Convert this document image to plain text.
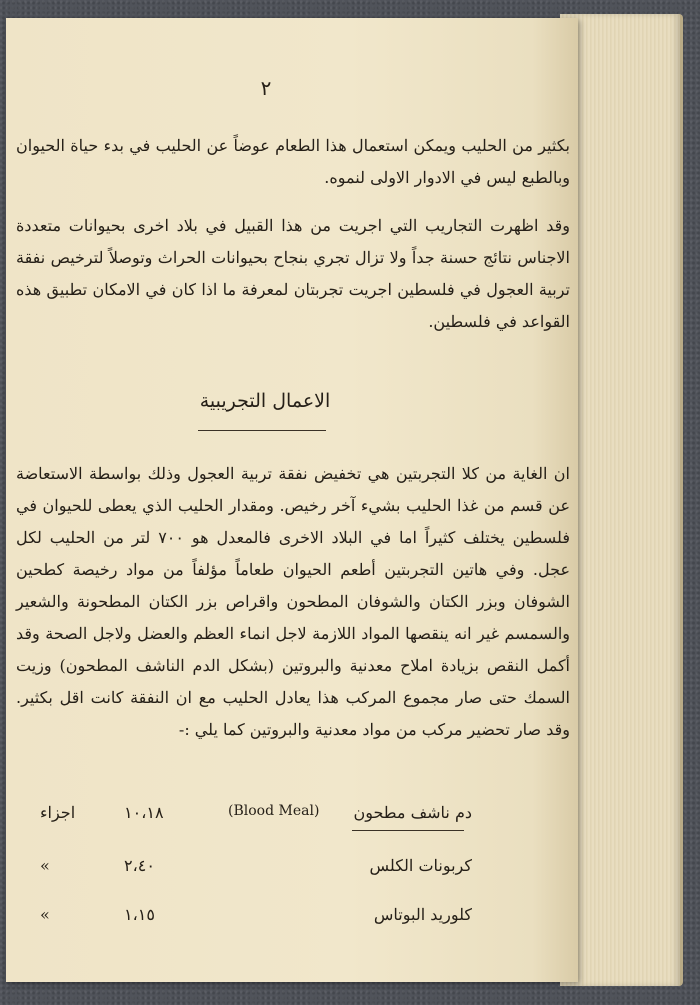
٢
بكثير من الحليب ويمكن استعمال هذا الطعام عوضاً عن الحليب في بدء حياة الحيوان وبالطبع ليس في الادوار الاولى لنموه.
وقد اظهرت التجاريب التي اجريت من هذا القبيل في بلاد اخرى بحيوانات متعددة الاجناس نتائج حسنة جداً ولا تزال تجري بنجاح بحيوانات الحراث وتوصلاً لترخيص نفقة تربية العجول في فلسطين اجريت تجربتان لمعرفة ما اذا كان في الامكان تطبيق هذه القواعد في فلسطين.
الاعمال التجريبية
ان الغاية من كلا التجربتين هي تخفيض نفقة تربية العجول وذلك بواسطة الاستعاضة عن قسم من غذا الحليب بشيء آخر رخيص. ومقدار الحليب الذي يعطى للحيوان في فلسطين يختلف كثيراً اما في البلاد الاخرى فالمعدل هو ٧٠٠ لتر من الحليب لكل عجل. وفي هاتين التجربتين أطعم الحيوان طعاماً مؤلفاً من مواد رخيصة كطحين الشوفان وبزر الكتان والشوفان المطحون واقراص بزر الكتان المطحونة والشعير والسمسم غير انه ينقصها المواد اللازمة لاجل انماء العظم والعضل ولاجل الصحة وقد أكمل النقص بزيادة املاح معدنية والبروتين (بشكل الدم الناشف المطحون) وزيت السمك حتى صار مجموع المركب هذا يعادل الحليب مع ان النفقة كانت اقل بكثير. وقد صار تحضير مركب من مواد معدنية والبروتين كما يلي :-
دم ناشف مطحون
(Blood Meal)
١٠،١٨
اجزاء
كربونات الكلس
٢،٤٠
»
كلوريد البوتاس
١،١٥
»
